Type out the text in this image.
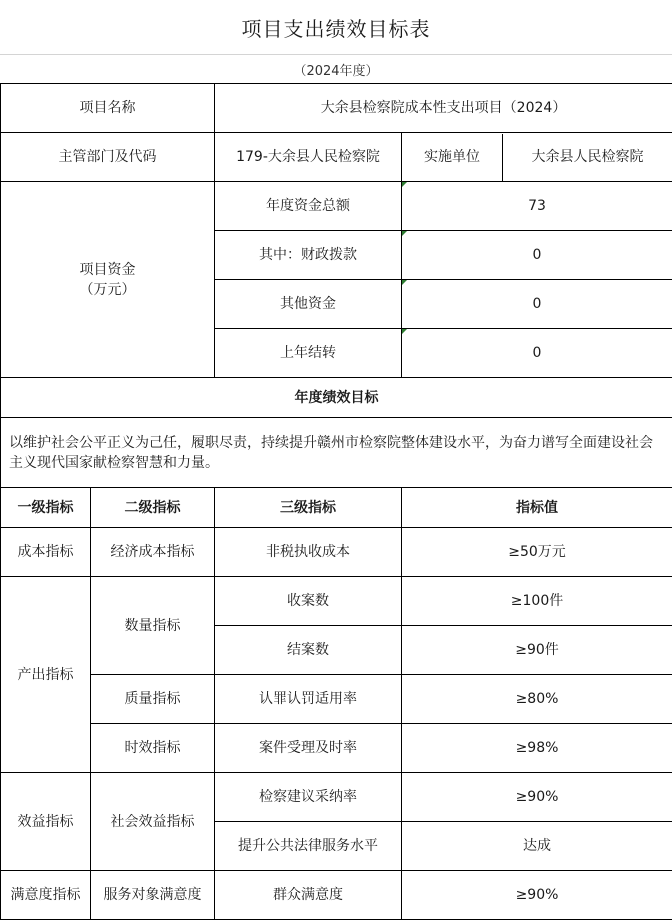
项目支出绩效目标表
（2024年度）
项目名称		大余县检察院成本性支出项目（2024）	
主管部门及代码		179-大余县人民检察院	实施单位 大余县人民检察院

项目资金
（万元）		年度资金总额	73
		其中：财政拨款	0
		其他资金	0
		上年结转	0
年度绩效目标			
以维护社会公平正义为己任，履职尽责，持续提升赣州市检察院整体建设水平，为奋力谱写全面建设社会主义现代国家献检察智慧和力量。			
一级指标	二级指标	三级指标	指标值
成本指标	经济成本指标	非税执收成本	≥50万元
产出指标	数量指标	收案数	≥100件
		结案数	≥90件
	质量指标	认罪认罚适用率	≥80%
	时效指标	案件受理及时率	≥98%
效益指标	社会效益指标	检察建议采纳率	≥90%
		提升公共法律服务水平	达成
满意度指标	服务对象满意度	群众满意度	≥90%
